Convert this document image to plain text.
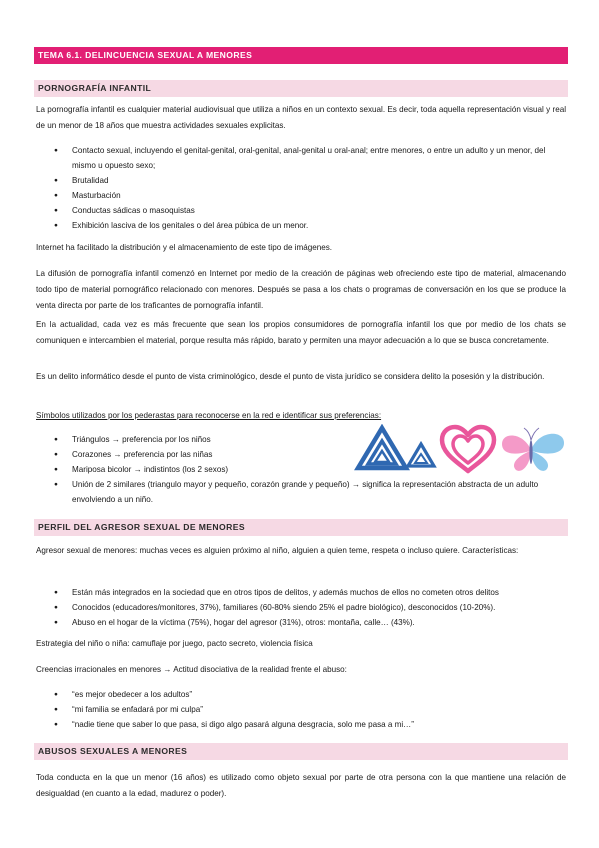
TEMA 6.1. DELINCUENCIA SEXUAL A MENORES
PORNOGRAFÍA INFANTIL

La pornografía infantil es cualquier material audiovisual que utiliza a niños en un contexto sexual. Es decir, toda aquella representación visual y real de un menor de 18 años que muestra actividades sexuales explicitas.

● Contacto sexual, incluyendo el genital-genital, oral-genital, anal-genital u oral-anal; entre menores, o entre un adulto y un menor, del mismo u opuesto sexo;
● Brutalidad
● Masturbación
● Conductas sádicas o masoquistas
● Exhibición lasciva de los genitales o del área púbica de un menor.

Internet ha facilitado la distribución y el almacenamiento de este tipo de imágenes.

La difusión de pornografía infantil comenzó en Internet por medio de la creación de páginas web ofreciendo este tipo de material, almacenando todo tipo de material pornográfico relacionado con menores. Después se pasa a los chats o programas de conversación en los que se produce la venta directa por parte de los traficantes de pornografía infantil.

En la actualidad, cada vez es más frecuente que sean los propios consumidores de pornografía infantil los que por medio de los chats se comuniquen e intercambien el material, porque resulta más rápido, barato y permiten una mayor adecuación a lo que se busca concretamente.

Es un delito informático desde el punto de vista criminológico, desde el punto de vista jurídico se considera delito la posesión y la distribución.

Símbolos utilizados por los pederastas para reconocerse en la red e identificar sus preferencias:

● Triángulos → preferencia por los niños
● Corazones → preferencia por las niñas
● Mariposa bicolor → indistintos (los 2 sexos)
● Unión de 2 similares (triangulo mayor y pequeño, corazón grande y pequeño) → significa la representación abstracta de un adulto envolviendo a un niño.
PERFIL DEL AGRESOR SEXUAL DE MENORES

Agresor sexual de menores: muchas veces es alguien próximo al niño, alguien a quien teme, respeta o incluso quiere. Características:

● Están más integrados en la sociedad que en otros tipos de delitos, y además muchos de ellos no cometen otros delitos
● Conocidos (educadores/monitores, 37%), familiares (60-80% siendo 25% el padre biológico), desconocidos (10-20%).
● Abuso en el hogar de la víctima (75%), hogar del agresor (31%), otros: montaña, calle… (43%).

Estrategia del niño o niña: camuflaje por juego, pacto secreto, violencia física

Creencias irracionales en menores → Actitud disociativa de la realidad frente el abuso:

● “es mejor obedecer a los adultos”
● “mi familia se enfadará por mi culpa”
● “nadie tiene que saber lo que pasa, si digo algo pasará alguna desgracia, solo me pasa a mi…”
ABUSOS SEXUALES A MENORES

Toda conducta en la que un menor (16 años) es utilizado como objeto sexual por parte de otra persona con la que mantiene una relación de desigualdad (en cuanto a la edad, madurez o poder).
